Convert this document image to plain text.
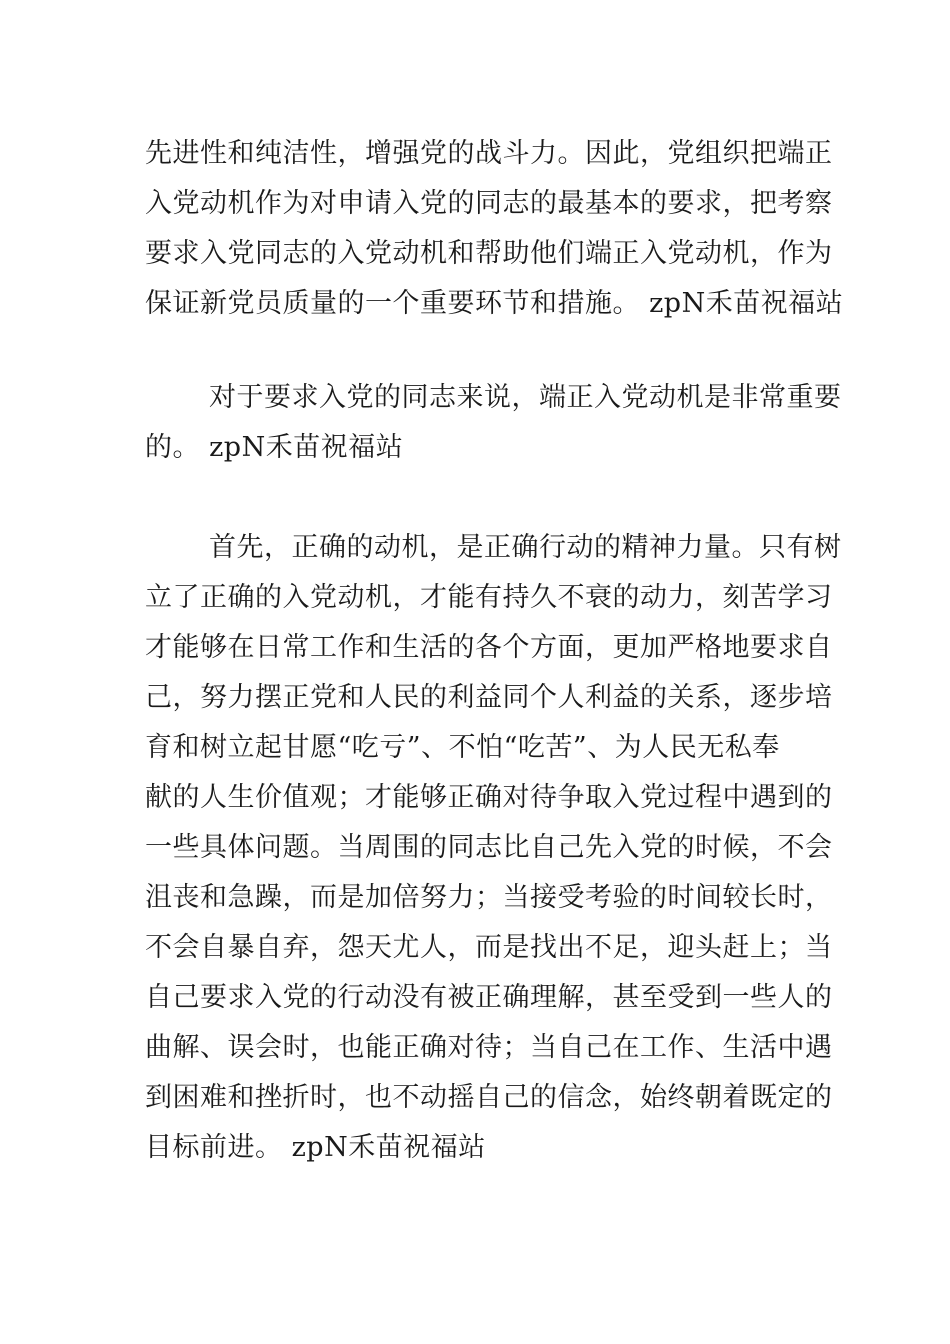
先进性和纯洁性，增强党的战斗力。因此，党组织把端正
入党动机作为对申请入党的同志的最基本的要求，把考察
要求入党同志的入党动机和帮助他们端正入党动机，作为
保证新党员质量的一个重要环节和措施。 zpN禾苗祝福站
对于要求入党的同志来说，端正入党动机是非常重要
的。 zpN禾苗祝福站
首先，正确的动机，是正确行动的精神力量。只有树
立了正确的入党动机，才能有持久不衰的动力，刻苦学习
才能够在日常工作和生活的各个方面，更加严格地要求自
己，努力摆正党和人民的利益同个人利益的关系，逐步培
育和树立起甘愿“吃亏”、不怕“吃苦”、为人民无私奉
献的人生价值观；才能够正确对待争取入党过程中遇到的
一些具体问题。当周围的同志比自己先入党的时候，不会
沮丧和急躁，而是加倍努力；当接受考验的时间较长时，
不会自暴自弃，怨天尤人，而是找出不足，迎头赶上；当
自己要求入党的行动没有被正确理解，甚至受到一些人的
曲解、误会时，也能正确对待；当自己在工作、生活中遇
到困难和挫折时，也不动摇自己的信念，始终朝着既定的
目标前进。 zpN禾苗祝福站
